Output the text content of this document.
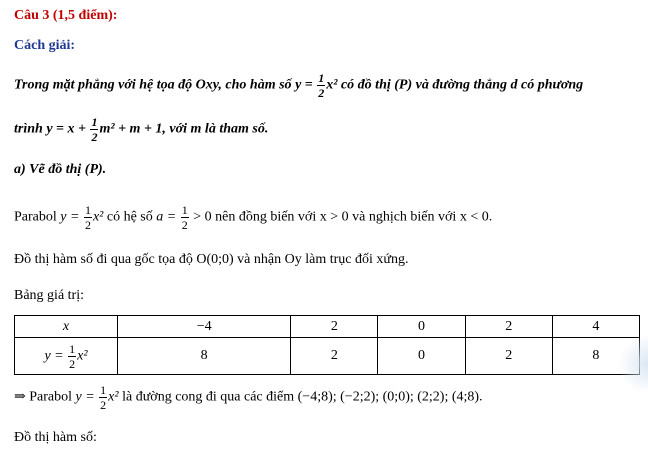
Câu 3 (1,5 điểm):
Cách giải:
Trong mặt phẳng với hệ tọa độ Oxy, cho hàm số $y = \frac{1}{2} x^2$ có đồ thị (P) và đường thẳng d có phương
trình $y = x + \frac{1}{2} m^2 + m + 1$, với m là tham số.
a) Vẽ đồ thị (P).
Parabol $y = \frac{1}{2} x^2$ có hệ số $a = \frac{1}{2} > 0$ nên đồng biến với x > 0 và nghịch biến với x < 0.
Đồ thị hàm số đi qua gốc tọa độ O(0;0) và nhận Oy làm trục đối xứng.
Bảng giá trị:
x	−4	2	0	2	4
$y = \frac{1}{2} x^2$	8	2	0	2	8
⇒ Parabol $y = \frac{1}{2} x^2$ là đường cong đi qua các điểm (−4;8); (−2;2); (0;0); (2;2); (4;8).
Đồ thị hàm số:
